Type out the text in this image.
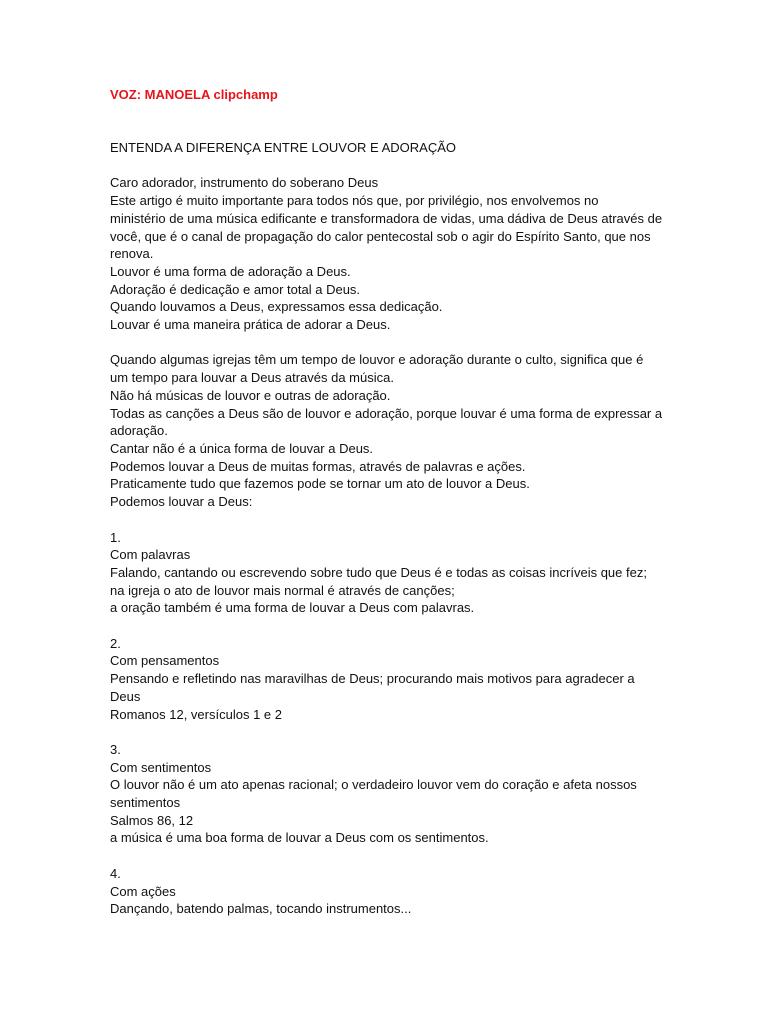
VOZ: MANOELA clipchamp
ENTENDA A DIFERENÇA ENTRE LOUVOR E ADORAÇÃO
Caro adorador, instrumento do soberano Deus
Este artigo é muito importante para todos nós que, por privilégio, nos envolvemos no
ministério de uma música edificante e transformadora de vidas, uma dádiva de Deus através de
você, que é o canal de propagação do calor pentecostal sob o agir do Espírito Santo, que nos
renova.
Louvor é uma forma de adoração a Deus.
Adoração é dedicação e amor total a Deus.
Quando louvamos a Deus, expressamos essa dedicação.
Louvar é uma maneira prática de adorar a Deus.
Quando algumas igrejas têm um tempo de louvor e adoração durante o culto, significa que é
um tempo para louvar a Deus através da música.
Não há músicas de louvor e outras de adoração.
Todas as canções a Deus são de louvor e adoração, porque louvar é uma forma de expressar a
adoração.
Cantar não é a única forma de louvar a Deus.
Podemos louvar a Deus de muitas formas, através de palavras e ações.
Praticamente tudo que fazemos pode se tornar um ato de louvor a Deus.
Podemos louvar a Deus:
1.
Com palavras
Falando, cantando ou escrevendo sobre tudo que Deus é e todas as coisas incríveis que fez;
na igreja o ato de louvor mais normal é através de canções;
a oração também é uma forma de louvar a Deus com palavras.
2.
Com pensamentos
Pensando e refletindo nas maravilhas de Deus; procurando mais motivos para agradecer a
Deus
Romanos 12, versículos 1 e 2
3.
Com sentimentos
O louvor não é um ato apenas racional; o verdadeiro louvor vem do coração e afeta nossos
sentimentos
Salmos 86, 12
a música é uma boa forma de louvar a Deus com os sentimentos.
4.
Com ações
Dançando, batendo palmas, tocando instrumentos...
